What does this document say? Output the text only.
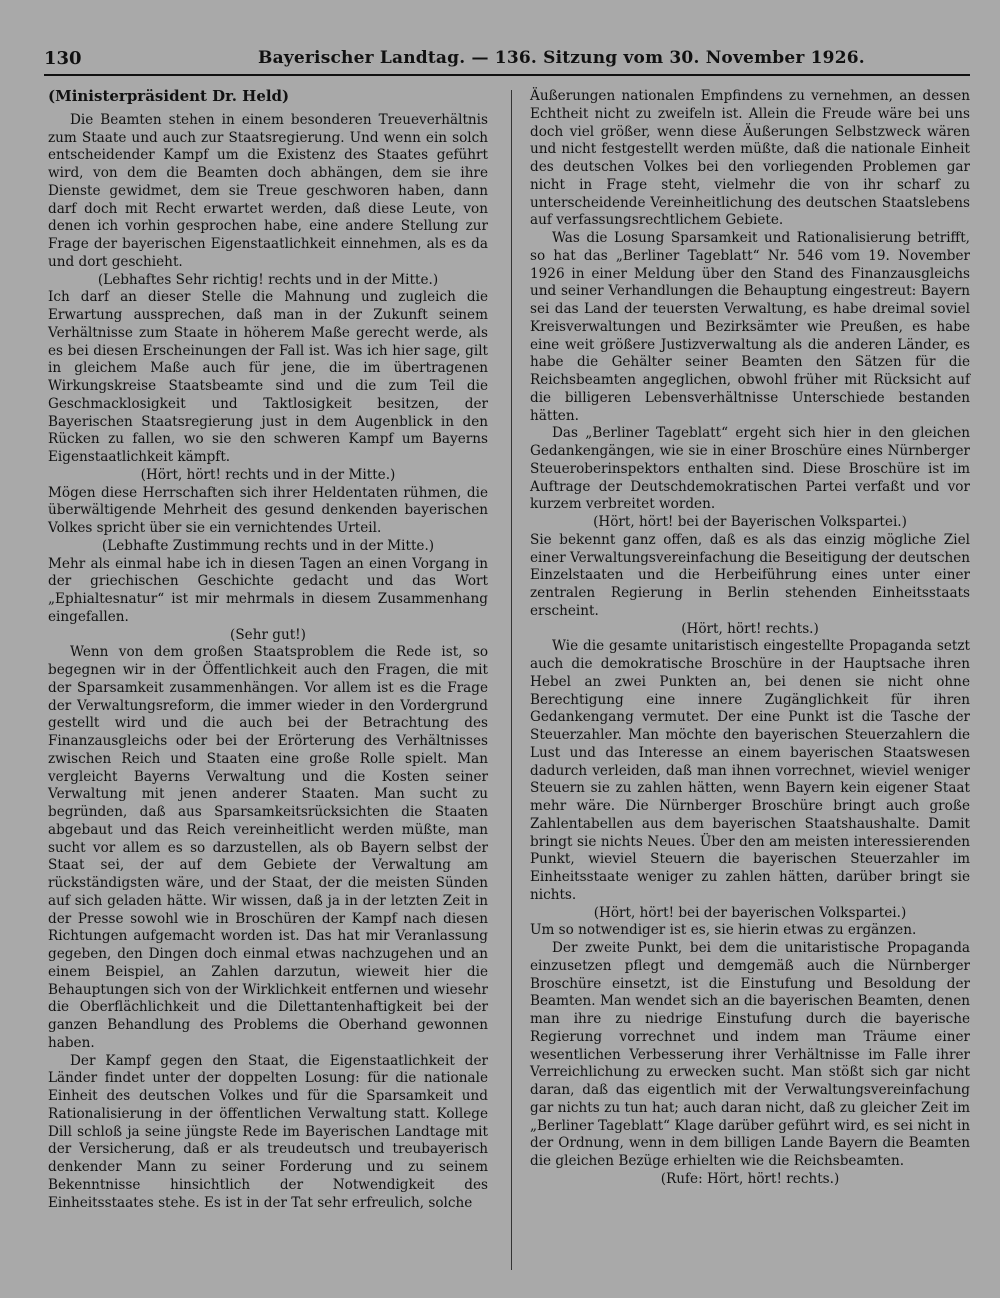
130	Bayerischer Landtag. — 136. Sitzung vom 30. November 1926.
(Ministerpräsident Dr. Held)

Die Beamten stehen in einem besonderen Treueverhältnis zum Staate und auch zur Staatsregierung. Und wenn ein solch entscheidender Kampf um die Existenz des Staates geführt wird, von dem die Beamten doch abhängen, dem sie ihre Dienste gewidmet, dem sie Treue geschworen haben, dann darf doch mit Recht erwartet werden, daß diese Leute, von denen ich vorhin gesprochen habe, eine andere Stellung zur Frage der bayerischen Eigenstaatlichkeit einnehmen, als es da und dort geschieht.

(Lebhaftes Sehr richtig! rechts und in der Mitte.)

Ich darf an dieser Stelle die Mahnung und zugleich die Erwartung aussprechen, daß man in der Zukunft seinem Verhältnisse zum Staate in höherem Maße gerecht werde, als es bei diesen Erscheinungen der Fall ist. Was ich hier sage, gilt in gleichem Maße auch für jene, die im übertragenen Wirkungskreise Staatsbeamte sind und die zum Teil die Geschmacklosigkeit und Taktlosigkeit besitzen, der Bayerischen Staatsregierung just in dem Augenblick in den Rücken zu fallen, wo sie den schweren Kampf um Bayerns Eigenstaatlichkeit kämpft.

(Hört, hört! rechts und in der Mitte.)

Mögen diese Herrschaften sich ihrer Heldentaten rühmen, die überwältigende Mehrheit des gesund denkenden bayerischen Volkes spricht über sie ein vernichtendes Urteil.

(Lebhafte Zustimmung rechts und in der Mitte.)

Mehr als einmal habe ich in diesen Tagen an einen Vorgang in der griechischen Geschichte gedacht und das Wort „Ephialtesnatur“ ist mir mehrmals in diesem Zusammenhang eingefallen.

(Sehr gut!)

Wenn von dem großen Staatsproblem die Rede ist, so begegnen wir in der Öffentlichkeit auch den Fragen, die mit der Sparsamkeit zusammenhängen. Vor allem ist es die Frage der Verwaltungsreform, die immer wieder in den Vordergrund gestellt wird und die auch bei der Betrachtung des Finanzausgleichs oder bei der Erörterung des Verhältnisses zwischen Reich und Staaten eine große Rolle spielt. Man vergleicht Bayerns Verwaltung und die Kosten seiner Verwaltung mit jenen anderer Staaten. Man sucht zu begründen, daß aus Sparsamkeitsrücksichten die Staaten abgebaut und das Reich vereinheitlicht werden müßte, man sucht vor allem es so darzustellen, als ob Bayern selbst der Staat sei, der auf dem Gebiete der Verwaltung am rückständigsten wäre, und der Staat, der die meisten Sünden auf sich geladen hätte. Wir wissen, daß ja in der letzten Zeit in der Presse sowohl wie in Broschüren der Kampf nach diesen Richtungen aufgemacht worden ist. Das hat mir Veranlassung gegeben, den Dingen doch einmal etwas nachzugehen und an einem Beispiel, an Zahlen darzutun, wieweit hier die Behauptungen sich von der Wirklichkeit entfernen und wiesehr die Oberflächlichkeit und die Dilettantenhaftigkeit bei der ganzen Behandlung des Problems die Oberhand gewonnen haben.

Der Kampf gegen den Staat, die Eigenstaatlichkeit der Länder findet unter der doppelten Losung: für die nationale Einheit des deutschen Volkes und für die Sparsamkeit und Rationalisierung in der öffentlichen Verwaltung statt. Kollege Dill schloß ja seine jüngste Rede im Bayerischen Landtage mit der Versicherung, daß er als treudeutsch und treubayerisch denkender Mann zu seiner Forderung und zu seinem Bekenntnisse hinsichtlich der Notwendigkeit des Einheitsstaates stehe. Es ist in der Tat sehr erfreulich, solche

Äußerungen nationalen Empfindens zu vernehmen, an dessen Echtheit nicht zu zweifeln ist. Allein die Freude wäre bei uns doch viel größer, wenn diese Äußerungen Selbstzweck wären und nicht festgestellt werden müßte, daß die nationale Einheit des deutschen Volkes bei den vorliegenden Problemen gar nicht in Frage steht, vielmehr die von ihr scharf zu unterscheidende Vereinheitlichung des deutschen Staatslebens auf verfassungsrechtlichem Gebiete.

Was die Losung Sparsamkeit und Rationalisierung betrifft, so hat das „Berliner Tageblatt“ Nr. 546 vom 19. November 1926 in einer Meldung über den Stand des Finanzausgleichs und seiner Verhandlungen die Behauptung eingestreut: Bayern sei das Land der teuersten Verwaltung, es habe dreimal soviel Kreisverwaltungen und Bezirksämter wie Preußen, es habe eine weit größere Justizverwaltung als die anderen Länder, es habe die Gehälter seiner Beamten den Sätzen für die Reichsbeamten angeglichen, obwohl früher mit Rücksicht auf die billigeren Lebensverhältnisse Unterschiede bestanden hätten.

Das „Berliner Tageblatt“ ergeht sich hier in den gleichen Gedankengängen, wie sie in einer Broschüre eines Nürnberger Steueroberinspektors enthalten sind. Diese Broschüre ist im Auftrage der Deutschdemokratischen Partei verfaßt und vor kurzem verbreitet worden.

(Hört, hört! bei der Bayerischen Volkspartei.)

Sie bekennt ganz offen, daß es als das einzig mögliche Ziel einer Verwaltungsvereinfachung die Beseitigung der deutschen Einzelstaaten und die Herbeiführung eines unter einer zentralen Regierung in Berlin stehenden Einheitsstaats erscheint.

(Hört, hört! rechts.)

Wie die gesamte unitaristisch eingestellte Propaganda setzt auch die demokratische Broschüre in der Hauptsache ihren Hebel an zwei Punkten an, bei denen sie nicht ohne Berechtigung eine innere Zugänglichkeit für ihren Gedankengang vermutet. Der eine Punkt ist die Tasche der Steuerzahler. Man möchte den bayerischen Steuerzahlern die Lust und das Interesse an einem bayerischen Staatswesen dadurch verleiden, daß man ihnen vorrechnet, wieviel weniger Steuern sie zu zahlen hätten, wenn Bayern kein eigener Staat mehr wäre. Die Nürnberger Broschüre bringt auch große Zahlentabellen aus dem bayerischen Staatshaushalte. Damit bringt sie nichts Neues. Über den am meisten interessierenden Punkt, wieviel Steuern die bayerischen Steuerzahler im Einheitsstaate weniger zu zahlen hätten, darüber bringt sie nichts.

(Hört, hört! bei der bayerischen Volkspartei.)

Um so notwendiger ist es, sie hierin etwas zu ergänzen.

Der zweite Punkt, bei dem die unitaristische Propaganda einzusetzen pflegt und demgemäß auch die Nürnberger Broschüre einsetzt, ist die Einstufung und Besoldung der Beamten. Man wendet sich an die bayerischen Beamten, denen man ihre zu niedrige Einstufung durch die bayerische Regierung vorrechnet und indem man Träume einer wesentlichen Verbesserung ihrer Verhältnisse im Falle ihrer Verreichlichung zu erwecken sucht. Man stößt sich gar nicht daran, daß das eigentlich mit der Verwaltungsvereinfachung gar nichts zu tun hat; auch daran nicht, daß zu gleicher Zeit im „Berliner Tageblatt“ Klage darüber geführt wird, es sei nicht in der Ordnung, wenn in dem billigen Lande Bayern die Beamten die gleichen Bezüge erhielten wie die Reichsbeamten.

(Rufe: Hört, hört! rechts.)
